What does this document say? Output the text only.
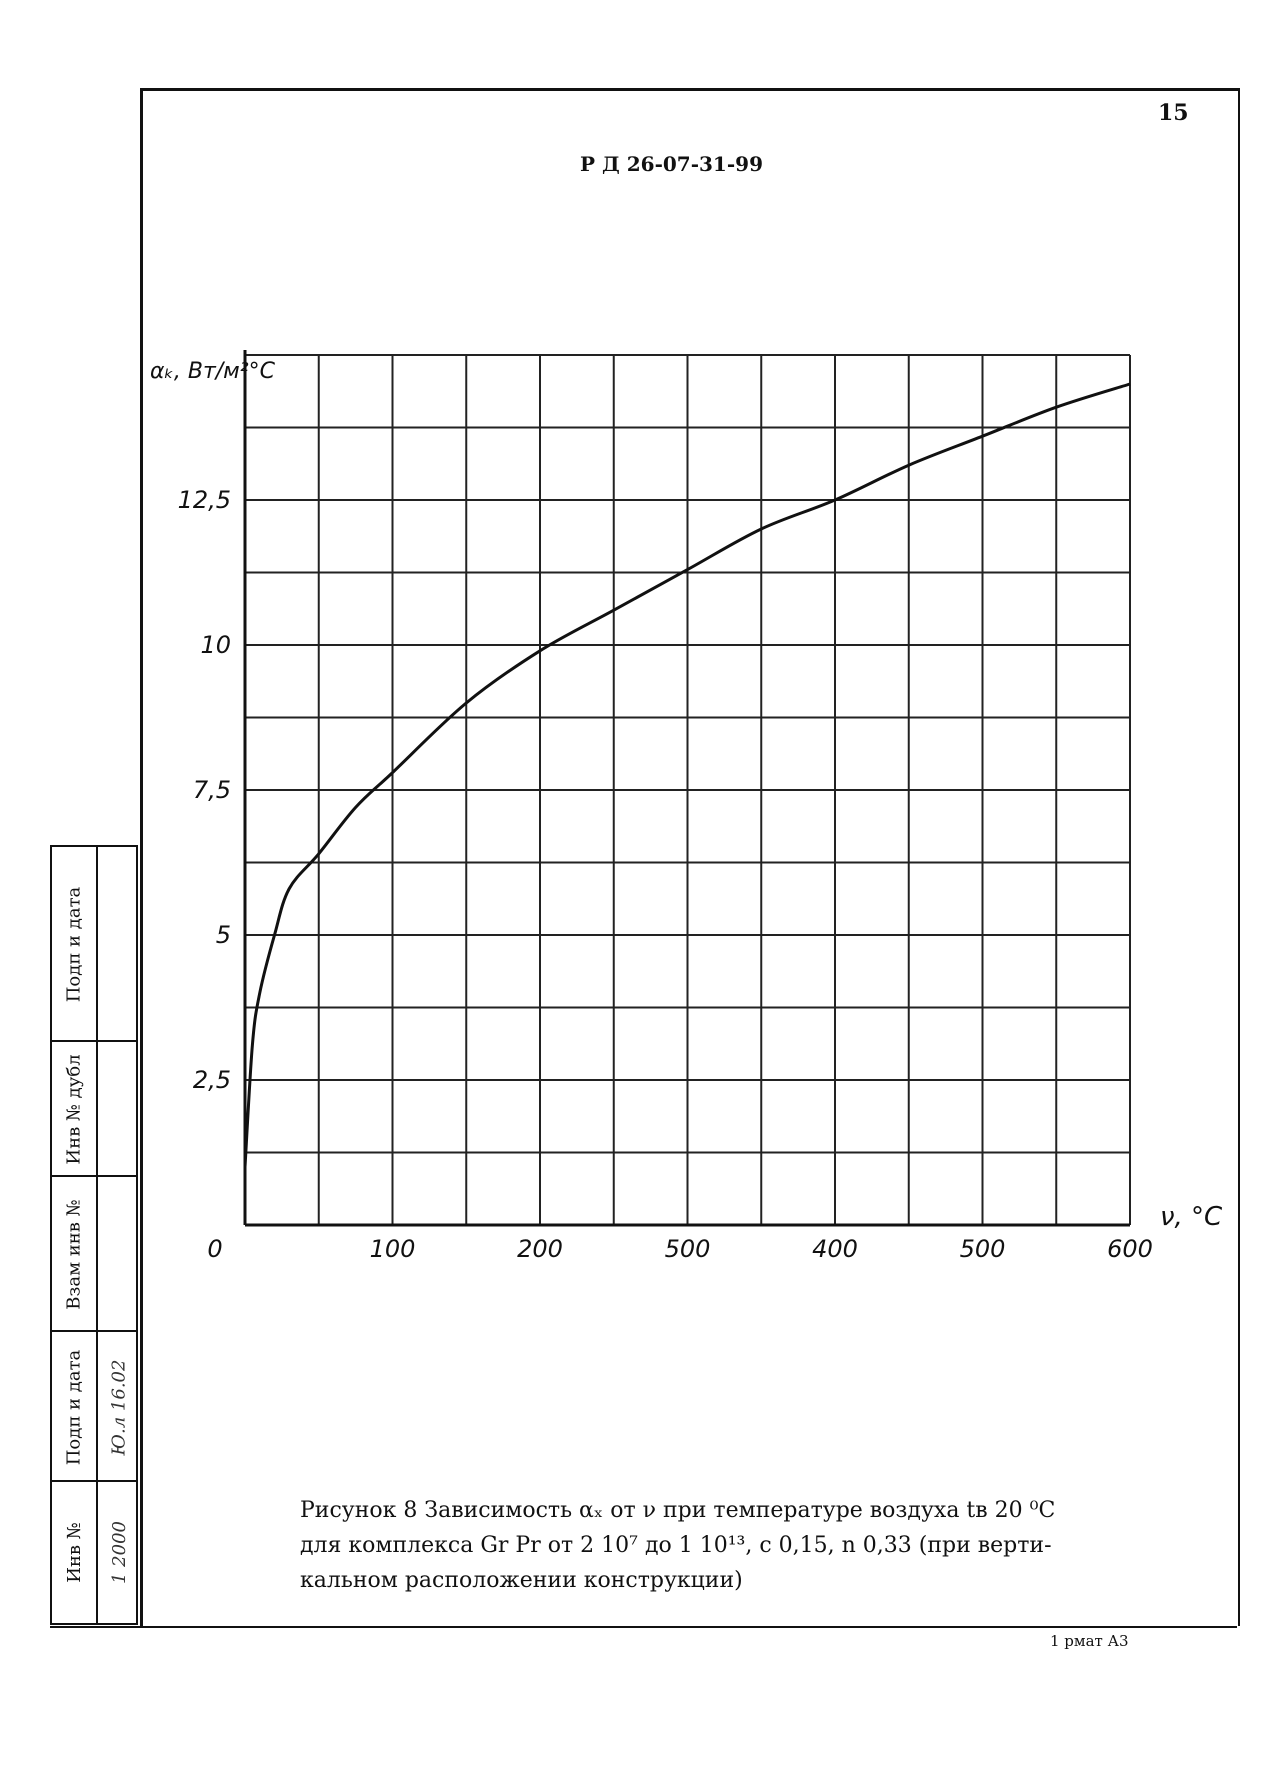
15
Р Д 26-07-31-99
0	100	200	500	400	500	600
2,5
5
7,5
10
12,5
αₖ, Вт/м²°C
ν, °C
Рисунок 8 Зависимость αₓ от ν при температуре воздуха tв 20 ⁰C
для комплекса Gr Pr от 2 10⁷ до 1 10¹³, с 0,15, n 0,33 (при верти-
кальном расположении конструкции)
1 рмат А3
Подп и дата
Инв № дубл
Взам инв №
Подп и дата Ю.л 16.02
Инв № 1 2000
